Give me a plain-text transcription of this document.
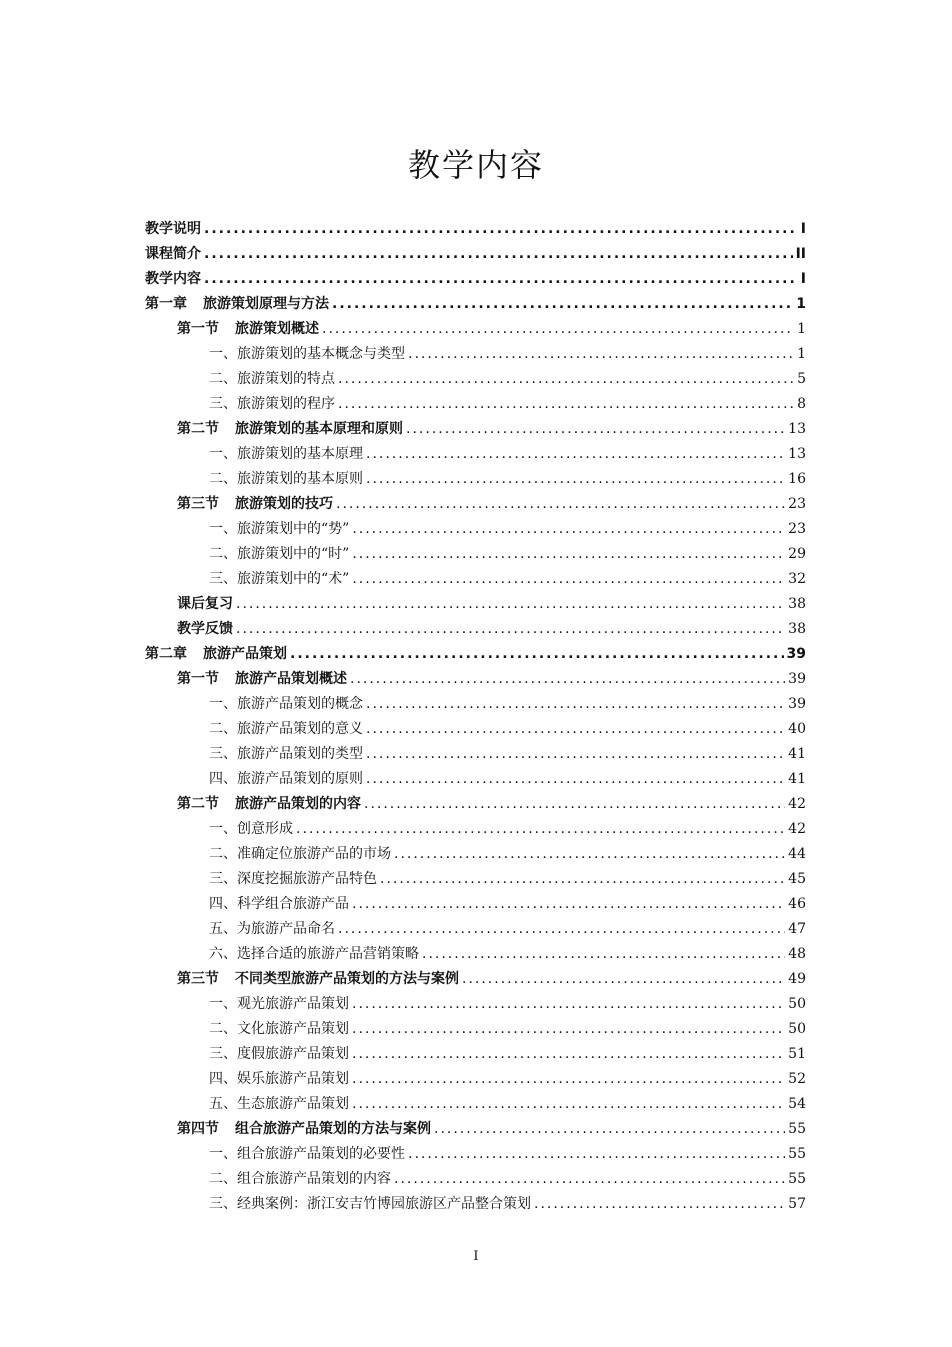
教学内容
教学说明 .....	I
课程简介 .....	II
教学内容 .....	I
第一章 旅游策划原理与方法 .....	1
第一节 旅游策划概述 .....	1
一、旅游策划的基本概念与类型 .....	1
二、旅游策划的特点 .....	5
三、旅游策划的程序 .....	8
第二节 旅游策划的基本原理和原则 .....	13
一、旅游策划的基本原理 .....	13
二、旅游策划的基本原则 .....	16
第三节 旅游策划的技巧 .....	23
一、旅游策划中的“势” .....	23
二、旅游策划中的“时” .....	29
三、旅游策划中的“术” .....	32
课后复习 .....	38
教学反馈 .....	38
第二章 旅游产品策划 .....	39
第一节 旅游产品策划概述 .....	39
一、旅游产品策划的概念 .....	39
二、旅游产品策划的意义 .....	40
三、旅游产品策划的类型 .....	41
四、旅游产品策划的原则 .....	41
第二节 旅游产品策划的内容 .....	42
一、创意形成 .....	42
二、准确定位旅游产品的市场 .....	44
三、深度挖掘旅游产品特色 .....	45
四、科学组合旅游产品 .....	46
五、为旅游产品命名 .....	47
六、选择合适的旅游产品营销策略 .....	48
第三节 不同类型旅游产品策划的方法与案例 .....	49
一、观光旅游产品策划 .....	50
二、文化旅游产品策划 .....	50
三、度假旅游产品策划 .....	51
四、娱乐旅游产品策划 .....	52
五、生态旅游产品策划 .....	54
第四节 组合旅游产品策划的方法与案例 .....	55
一、组合旅游产品策划的必要性 .....	55
二、组合旅游产品策划的内容 .....	55
三、经典案例：浙江安吉竹博园旅游区产品整合策划 .....	57
I
